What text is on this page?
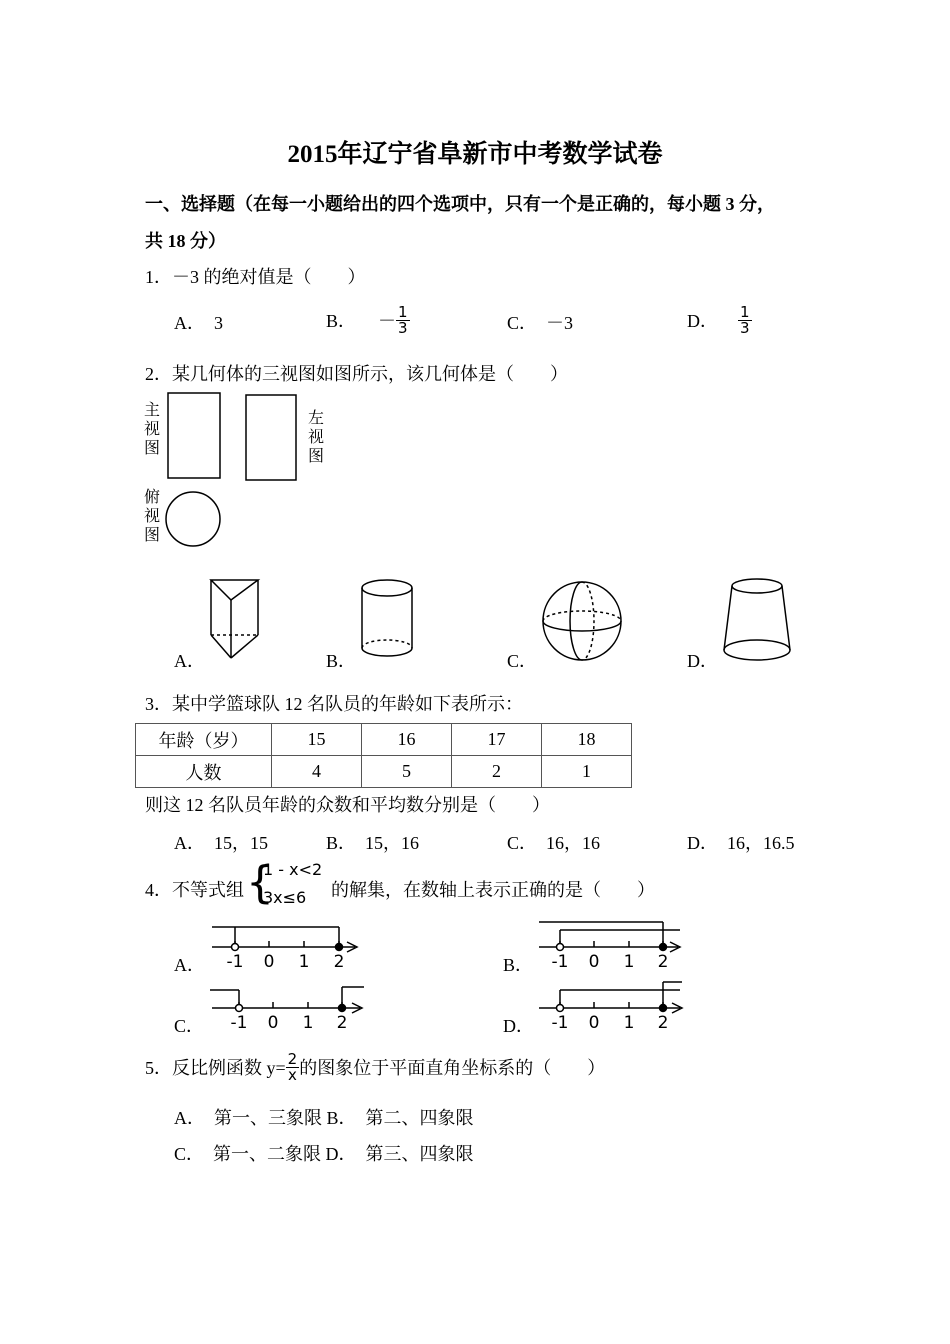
2015年辽宁省阜新市中考数学试卷
一、选择题（在每一小题给出的四个选项中，只有一个是正确的，每小题 3 分，
共 18 分）
1．－3 的绝对值是（　　）
A．　3	B． － $\frac{1}{3}$	C．　－3	D． $\frac{1}{3}$
2．某几何体的三视图如图所示，该几何体是（　　）
主视图
左视图
俯视图
A．	B．	C．	D．
3．某中学篮球队 12 名队员的年龄如下表所示：
年龄（岁）	15	16	17	18
人数	4	5	2	1
则这 12 名队员年龄的众数和平均数分别是（　　）
A．　15，15	B．　15，16	C．　16，16	D．　16，16.5
4．不等式组 {
1 - x<2
3x≤6 的解集，在数轴上表示正确的是（　　）
A．	B．
C．	D．
-1 0 1 2	-1 0 1 2
-1 0 1 2	-1 0 1 2
5．反比例函数 $y= \frac{2}{x}$ 的图象位于平面直角坐标系的（　　）
A．　第一、三象限 B．　第二、四象限
C．　第一、二象限 D．　第三、四象限
